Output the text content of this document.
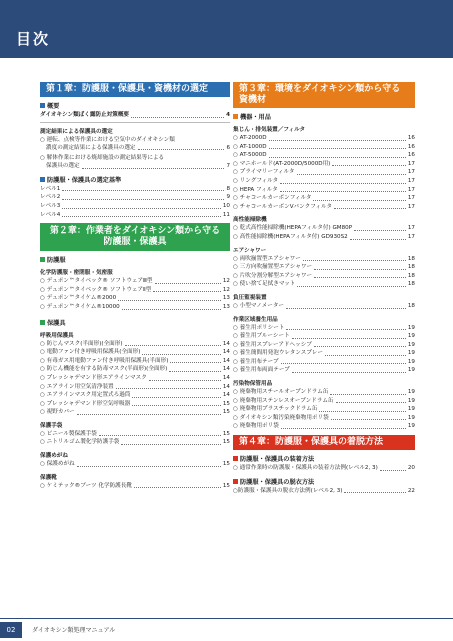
目次
第１章：防護服・保護具・資機材の選定
概要
ダイオキシン類ばく露防止対策概要	4
測定結果による保護具の選定
○ 運転、点検等作業における空気中のダイオキシン類
濃度の測定結果による保護具の選定	6
○ 解体作業における焼却施設の測定結果等による
保護具の選定	7
防護服・保護具の選定基準
レベル1	8
レベル2	9
レベル3	10
レベル4	11
第２章：作業者をダイオキシン類から守る
防護服・保護具
防護服
化学防護服・密閉服・気密服
○ デュポン™タイベック® ソフトウェアⅢ型	12
○ デュポン™タイベック® ソフトウェアⅡ型	12
○ デュポン™タイケム®2000	13
○ デュポン™タイケム®10000	13
保護具
呼吸用保護具
○ 防じんマスク(半面形)(全面形)	14
○ 電動ファン付き呼吸用保護具(全面形)	14
○ 有毒ガス用電動ファン付き呼吸用保護具(半面形)	14
○ 防じん機能を有する防毒マスク(半面形)(全面形)	14
○ プレッシャデマンド形エアラインマスク	14
○ エアライン用空気清浄装置	14
○ エアラインマスク用定置式ろ過筒	14
○ プレッシャデマンド形空気呼吸器	15
○ 視野カバー	15
保護手袋
○ ビニール製保護手袋	15
○ ニトリルゴム製化学防護手袋	15
保護めがね
○ 保護めがね	15
保護靴
○ ケミテック®ブーツ 化学防護長靴	15
第３章：環境をダイオキシン類から守る資機材
機器・用品
集じん・排気装置／フィルタ
○ AT-2000D	16
○ AT-1000D	16
○ AT-5000D	16
○ マニホールド(AT-2000D/5000D用)	17
○ プライマリーフィルタ	17
○ リングフィルタ	17
○ HEPA フィルタ	17
○ チャコールカーボンフィルタ	17
○ チャコールカーボンVバンクフィルタ	17
高性能掃除機
○ 乾式高性能掃除機(HEPAフィルタ付) GM80P	17
○ 高性能掃除機(HEPAフィルタ付) GD930S2	17
エアシャワー
○ 両吹揃置型エアシャワー	18
○ 三方向吹揃置型エアシャワー	18
○ 片吹分割分解型エアシャワー	18
○ 使い捨て足拭きマット	18
負圧監視装置
○ 小型マノメーター	18
作業区域養生用品
○ 養生用ポリシート	19
○ 養生用ブルーシート	19
○ 養生用スプレーアドヘッシブ	19
○ 養生簡間用発泡ウレタンスプレー	19
○ 養生用布テープ	19
○ 養生用布両面テープ	19
汚染物保管用品
○ 廃棄物用スチールオープンドラム缶	19
○ 廃棄物用ステンレスオープンドラム缶	19
○ 廃棄物用プラスチックドラム缶	19
○ ダイオキシン類汚染廃棄物用ポリ袋	19
○ 廃棄物用ポリ袋	19
第４章：防護服・保護具の着脱方法
防護服・保護具の装着方法
○ 通常作業時の防護服・保護具の装着方法例(レベル2, 3)	20
防護服・保護具の脱衣方法
○防護服・保護具の脱衣方法例(レベル2, 3)	22
02	ダイオキシン類処理マニュアル
